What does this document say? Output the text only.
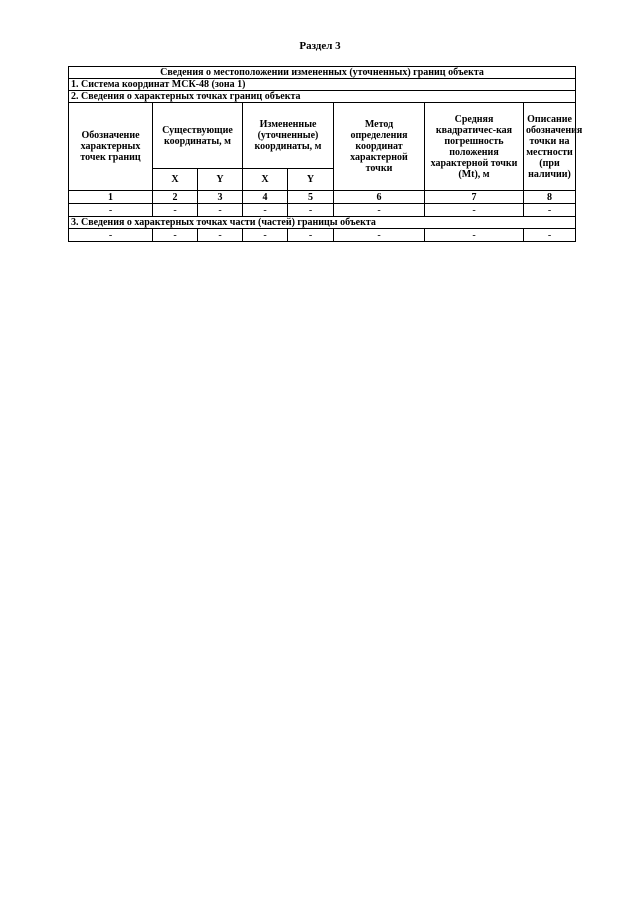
Раздел 3
Сведения о местоположении измененных (уточненных) границ объекта							
1. Система координат МСК-48 (зона 1)							
2. Сведения о характерных точках границ объекта							
Обозначение характерных точек границ	Существующие координаты, м		Измененные (уточненные) координаты, м		Метод определения координат характерной точки	Средняя квадратичес-кая погрешность положения характерной точки (Mt), м	Описание обозначения точки на местности (при наличии)
	X	Y	X	Y			
1	2	3	4	5	6	7	8
-	-	-	-	-	-	-	-
3. Сведения о характерных точках части (частей) границы объекта							
-	-	-	-	-	-	-	-
